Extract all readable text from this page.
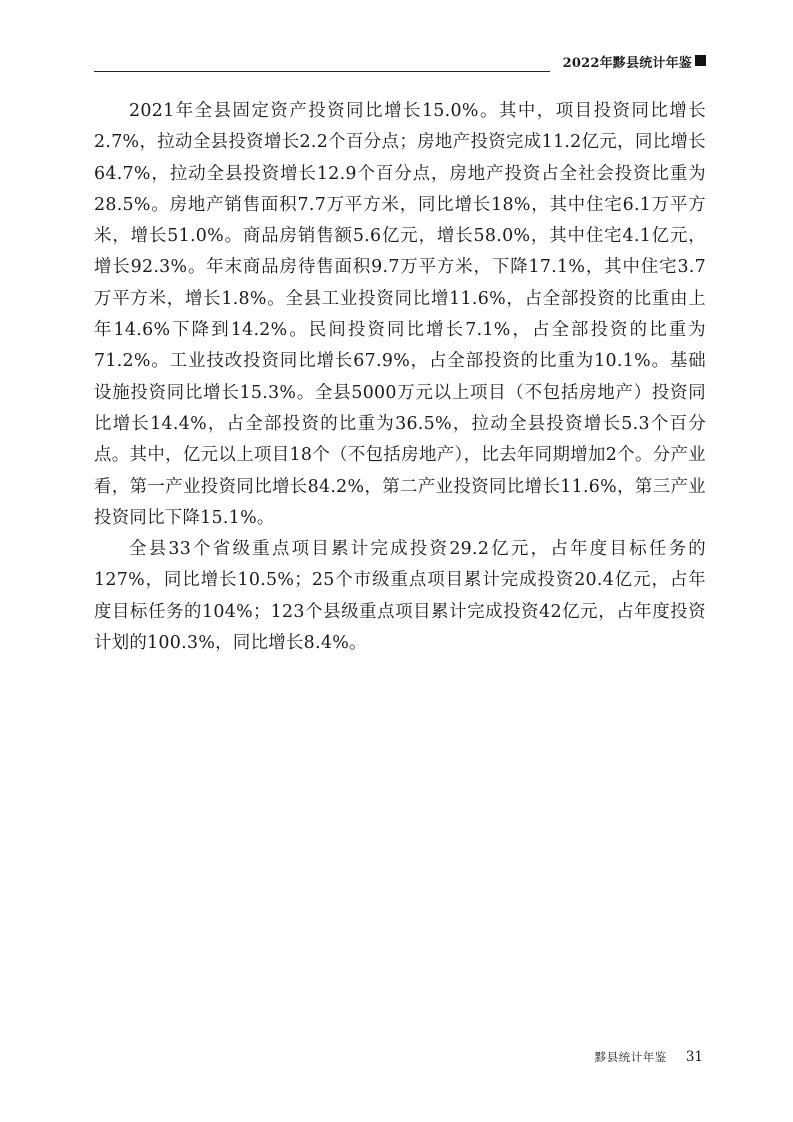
2022年黟县统计年鉴

2021年全县固定资产投资同比增长15.0%。其中，项目投资同比增长2.7%，拉动全县投资增长2.2个百分点；房地产投资完成11.2亿元，同比增长64.7%，拉动全县投资增长12.9个百分点，房地产投资占全社会投资比重为28.5%。房地产销售面积7.7万平方米，同比增长18%，其中住宅6.1万平方米，增长51.0%。商品房销售额5.6亿元，增长58.0%，其中住宅4.1亿元，增长92.3%。年末商品房待售面积9.7万平方米，下降17.1%，其中住宅3.7万平方米，增长1.8%。全县工业投资同比增11.6%，占全部投资的比重由上年14.6%下降到14.2%。民间投资同比增长7.1%，占全部投资的比重为71.2%。工业技改投资同比增长67.9%，占全部投资的比重为10.1%。基础设施投资同比增长15.3%。全县5000万元以上项目（不包括房地产）投资同比增长14.4%，占全部投资的比重为36.5%，拉动全县投资增长5.3个百分点。其中，亿元以上项目18个（不包括房地产），比去年同期增加2个。分产业看，第一产业投资同比增长84.2%，第二产业投资同比增长11.6%，第三产业投资同比下降15.1%。

全县33个省级重点项目累计完成投资29.2亿元，占年度目标任务的127%，同比增长10.5%；25个市级重点项目累计完成投资20.4亿元，占年度目标任务的104%；123个县级重点项目累计完成投资42亿元，占年度投资计划的100.3%，同比增长8.4%。

黟县统计年鉴 31
